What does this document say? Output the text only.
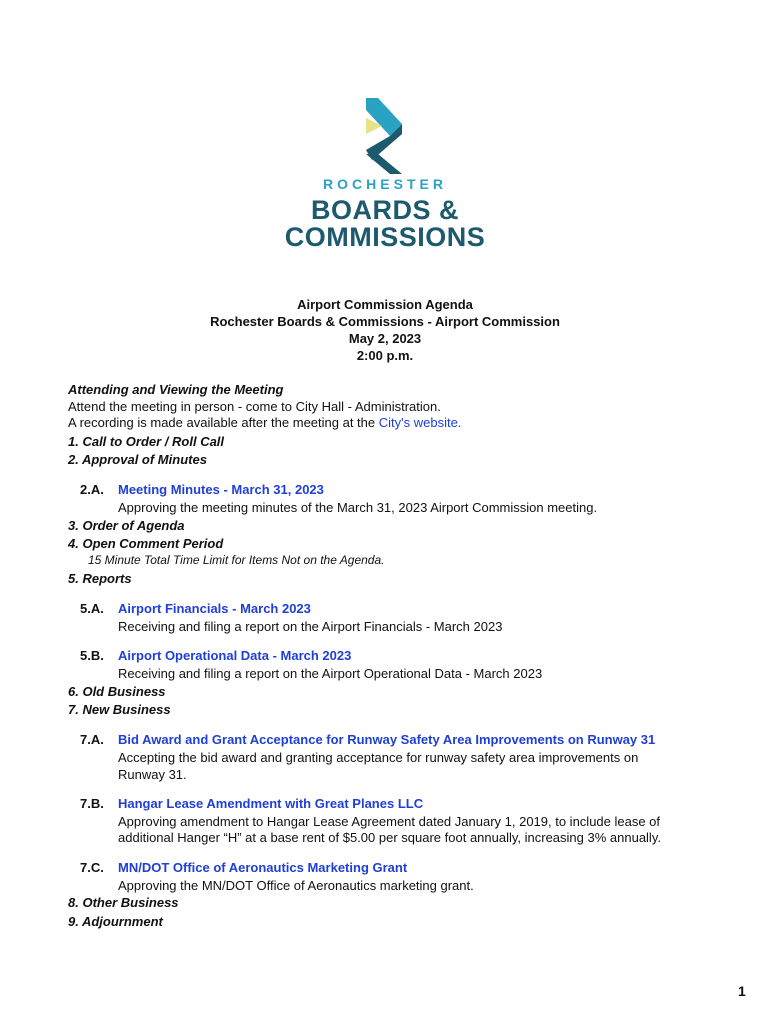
ROCHESTER
BOARDS &
COMMISSIONS
Airport Commission Agenda
Rochester Boards & Commissions - Airport Commission
May 2, 2023
2:00 p.m.
Attending and Viewing the Meeting
Attend the meeting in person - come to City Hall - Administration.
A recording is made available after the meeting at the City's website.
1. Call to Order / Roll Call
2. Approval of Minutes
2.A. Meeting Minutes - March 31, 2023
Approving the meeting minutes of the March 31, 2023 Airport Commission meeting.
3. Order of Agenda
4. Open Comment Period
15 Minute Total Time Limit for Items Not on the Agenda.
5. Reports
5.A. Airport Financials - March 2023
Receiving and filing a report on the Airport Financials - March 2023
5.B. Airport Operational Data - March 2023
Receiving and filing a report on the Airport Operational Data - March 2023
6. Old Business
7. New Business
7.A. Bid Award and Grant Acceptance for Runway Safety Area Improvements on Runway 31
Accepting the bid award and granting acceptance for runway safety area improvements on
Runway 31.
7.B. Hangar Lease Amendment with Great Planes LLC
Approving amendment to Hangar Lease Agreement dated January 1, 2019, to include lease of
additional Hanger “H” at a base rent of $5.00 per square foot annually, increasing 3% annually.
7.C. MN/DOT Office of Aeronautics Marketing Grant
Approving the MN/DOT Office of Aeronautics marketing grant.
8. Other Business
9. Adjournment
1
